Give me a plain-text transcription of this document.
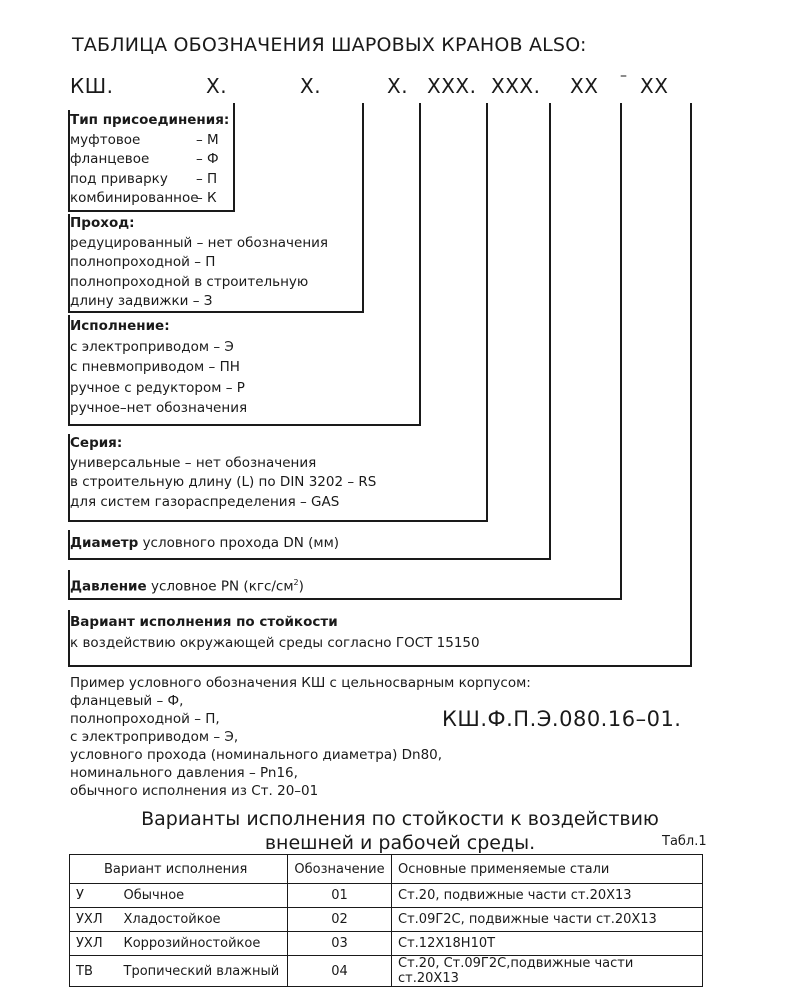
ТАБЛИЦА ОБОЗНАЧЕНИЯ ШАРОВЫХ КРАНОВ ALSO:
КШ.	Х.	Х.	Х. ХХХ. ХХХ. ХХ – ХХ
Тип присоединения:
муфтовое	– М
фланцевое	– Ф
под приварку – П
комбинированное
– К
Проход:
редуцированный – нет обозначения
полнопроходной – П
полнопроходной в строительную
длину задвижки – З
Исполнение:
с электроприводом – Э
с пневмоприводом – ПН
ручное с редуктором – Р
ручное–нет обозначения
Серия:
универсальные – нет обозначения
в строительную длину (L) по DIN 3202 – RS
для систем газораспределения – GAS
Диаметр условного прохода DN (мм)
Давление условное PN $(кгс/см^2)$
Вариант исполнения по стойкости
к воздействию окружающей среды согласно ГОСТ 15150
Пример условного обозначения КШ с цельносварным корпусом:
фланцевый – Ф,
полнопроходной – П,
с электроприводом – Э,
условного прохода (номинального диаметра) Dn80,
номинального давления – Pn16,
обычного исполнения из Ст. 20–01
КШ.Ф.П.Э.080.16–01.
Варианты исполнения по стойкости к воздействию
внешней и рабочей среды.	Табл.1
Вариант исполнения		Обозначение	Основные применяемые стали
У	Обычное	01	Ст.20, подвижные части ст.20Х13
УХЛ	Хладостойкое	02	Ст.09Г2С, подвижные части ст.20Х13
УХЛ	Коррозийностойкое	03	Ст.12Х18Н10Т
ТВ	Тропический влажный	04	Ст.20, Ст.09Г2С,подвижные части ст.20Х13
